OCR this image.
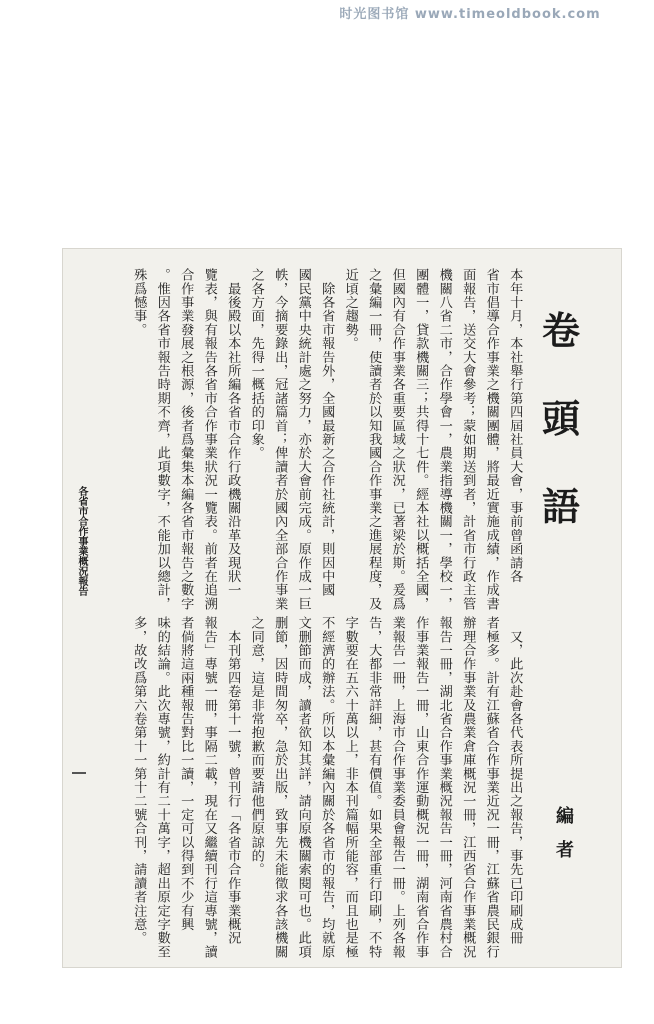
时光图书馆 www.timeoldbook.com
各省市合作事業概況報告	本年十月，本社舉行第四屆社員大會，事前曾函請各
省市倡導合作事業之機關團體，將最近實施成績，作成書
面報告，送交大會參考；蒙如期送到者，計省市行政主管
機關八省二市，合作學會一，農業指導機關一，學校一，
團體一，貸款機關三；共得十七件。經本社以概括全國，
但國內有合作事業各重要區域之狀況，已著梁於斯。爰爲
之彙編一冊，使讀者於以知我國合作事業之進展程度，及
近頃之趨勢。
　除各省市報告外，全國最新之合作社統計，則因中國
國民黨中央統計處之努力，亦於大會前完成。原作成一巨
帙，今摘要錄出，冠諸篇首；俾讀者於國內全部合作事業
之各方面，先得一概括的印象。
　最後殿以本社所編各省市合作行政機關沿革及現狀一
覽表，與有報告各省市合作事業狀況一覽表。前者在追溯
合作事業發展之根源，後者爲彙集本編各省市報告之數字
。惟因各省市報告時期不齊，此項數字，不能加以總計，
殊爲憾事。
　又，此次赴會各代表所提出之報告，事先已印刷成冊
者極多。計有江蘇省合作事業近況一冊，江蘇省農民銀行
辦理合作事業及農業倉庫概況一冊，江西省合作事業概況
報告一冊，湖北省合作事業概況報告一冊，河南省農村合
作事業報告一冊，山東合作運動概況一冊，湖南省合作事
業報告一冊，上海市合作事業委員會報告一冊。上列各報
告，大都非常詳細，甚有價值。如果全部重行印刷，不特
字數要在五六十萬以上，非本刊篇幅所能容，而且也是極
不經濟的辦法。所以本彙編內關於各省市的報告，均就原
文删節而成，讀者欲知其詳，請向原機關索閱可也。此項
删節，因時間匆卒，急於出版，致事先未能徵求各該機關
之同意，這是非常抱歉而要請他們原諒的。
　本刊第四卷第十一號，曾刊行「各省市合作事業概況
報告」專號一冊，事隔二載，現在又繼續刊行這專號，讀
者倘將這兩種報告對比一讀，一定可以得到不少有興
味的結論。此次專號，約計有二十萬字，超出原定字數至
多，故改爲第六卷第十一第十二號合刊，請讀者注意。
卷
頭
語
編者
